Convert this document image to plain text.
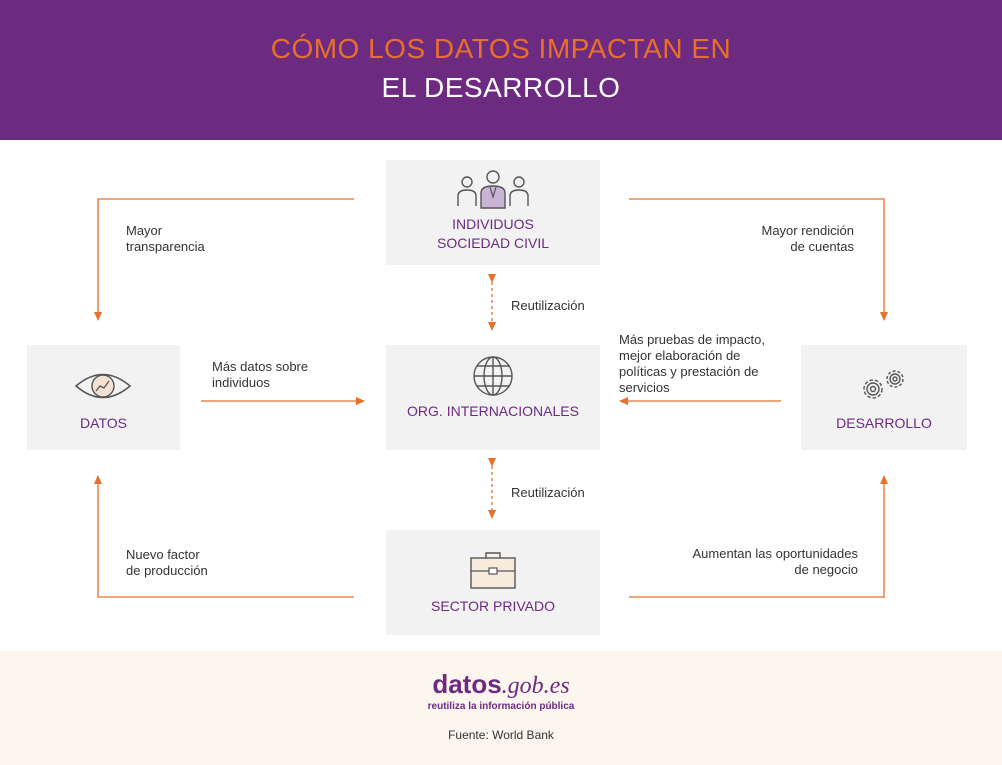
CÓMO LOS DATOS IMPACTAN EN
EL DESARROLLO
INDIVIDUOS
SOCIEDAD CIVIL
DATOS
ORG. INTERNACIONALES
DESARROLLO
SECTOR PRIVADO
Mayor
transparencia
Mayor rendición
de cuentas
Más datos sobre
individuos
Más pruebas de impacto,
mejor elaboración de
políticas y prestación de
servicios
Reutilización
Reutilización
Nuevo factor
de producción
Aumentan las oportunidades
de negocio
datos.gob.es
reutiliza la información pública
Fuente: World Bank
